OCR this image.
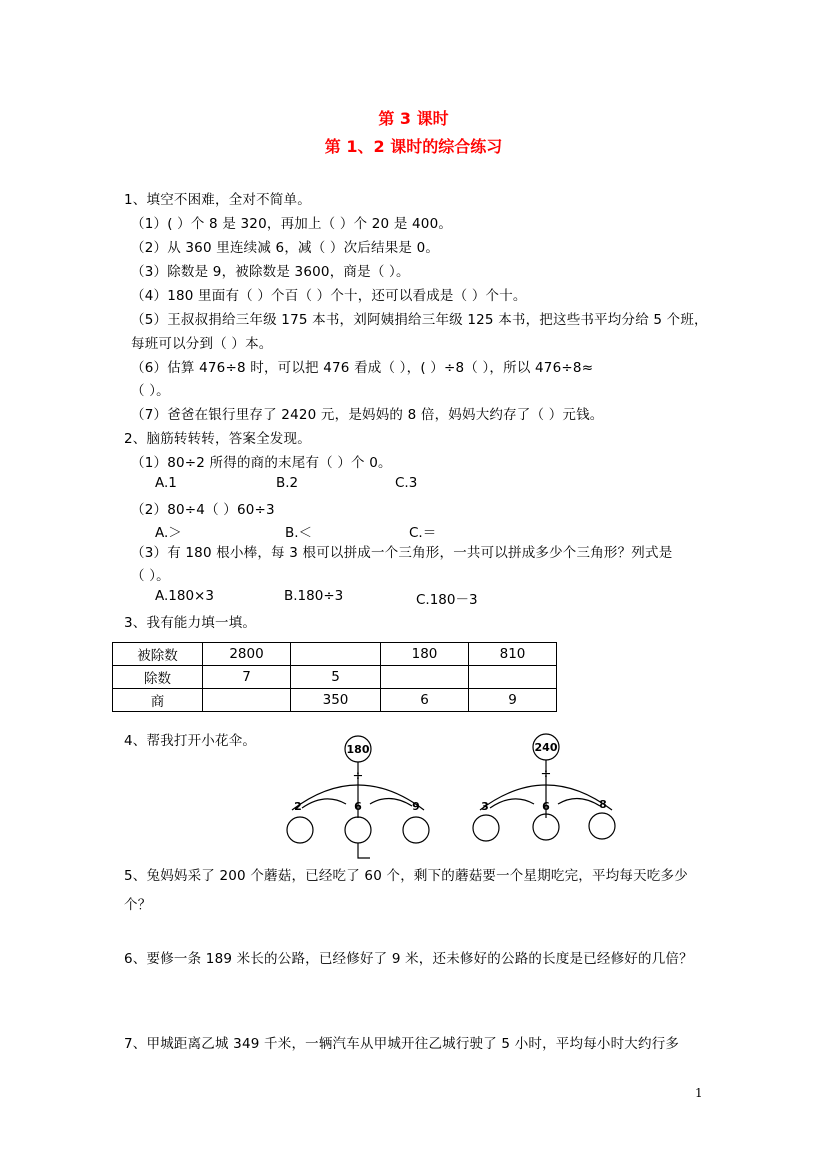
第 3 课时
第 1、2 课时的综合练习
1、填空不困难，全对不简单。
（1）( ）个 8 是 320，再加上（ ）个 20 是 400。
（2）从 360 里连续减 6，减（ ）次后结果是 0。
（3）除数是 9，被除数是 3600，商是（ ）。
（4）180 里面有（ ）个百（ ）个十，还可以看成是（ ）个十。
（5）王叔叔捐给三年级 175 本书，刘阿姨捐给三年级 125 本书，把这些书平均分给 5 个班，
每班可以分到（ ）本。
（6）估算 476÷8 时，可以把 476 看成（ ），( ）÷8（ ），所以 476÷8≈
（ ）。
（7）爸爸在银行里存了 2420 元，是妈妈的 8 倍，妈妈大约存了（ ）元钱。
2、脑筋转转转，答案全发现。
（1）80÷2 所得的商的末尾有（ ）个 0。
A.1	B.2	C.3
（2）80÷4（ ）60÷3
A.＞	B.＜	C.＝
（3）有 180 根小棒，每 3 根可以拼成一个三角形，一共可以拼成多少个三角形？列式是
（ ）。
A.180×3	B.180÷3	C.180－3
3、我有能力填一填。
被除数	2800		180	810
除数	7	5		
商		350	6	9
4、帮我打开小花伞。
180
÷
2	6	9
240
÷
3	6	8
5、兔妈妈采了 200 个蘑菇，已经吃了 60 个，剩下的蘑菇要一个星期吃完，平均每天吃多少
个？
6、要修一条 189 米长的公路，已经修好了 9 米，还未修好的公路的长度是已经修好的几倍？
7、甲城距离乙城 349 千米，一辆汽车从甲城开往乙城行驶了 5 小时，平均每小时大约行多
1
